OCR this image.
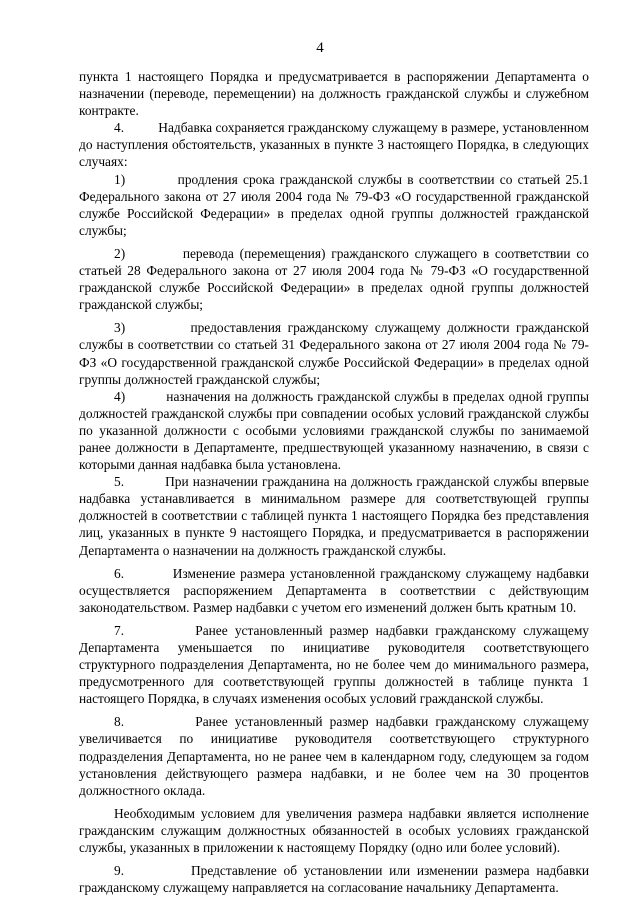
4

пункта 1 настоящего Порядка и предусматривается в распоряжении Департамента о назначении (переводе, перемещении) на должность гражданской службы и служебном контракте.

4.          Надбавка сохраняется гражданскому служащему в размере, установленном до наступления обстоятельств, указанных в пункте 3 настоящего Порядка, в следующих случаях:

1)          продления срока гражданской службы в соответствии со статьей 25.1 Федерального закона от 27 июля 2004 года № 79-ФЗ «О государственной гражданской службе Российской Федерации» в пределах одной группы должностей гражданской службы;

2)          перевода (перемещения) гражданского служащего в соответствии со статьей 28 Федерального закона от 27 июля 2004 года № 79-ФЗ «О государственной гражданской службе Российской Федерации» в пределах одной группы должностей гражданской службы;

3)          предоставления гражданскому служащему должности гражданской службы в соответствии со статьей 31 Федерального закона от 27 июля 2004 года № 79-ФЗ «О государственной гражданской службе Российской Федерации» в пределах одной группы должностей гражданской службы;

4)          назначения на должность гражданской службы в пределах одной группы должностей гражданской службы при совпадении особых условий гражданской службы по указанной должности с особыми условиями гражданской службы по занимаемой ранее должности в Департаменте, предшествующей указанному назначению, в связи с которыми данная надбавка была установлена.

5.          При назначении гражданина на должность гражданской службы впервые надбавка устанавливается в минимальном размере для соответствующей группы должностей в соответствии с таблицей пункта 1 настоящего Порядка без представления лиц, указанных в пункте 9 настоящего Порядка, и предусматривается в распоряжении Департамента о назначении на должность гражданской службы.

6.          Изменение размера установленной гражданскому служащему надбавки осуществляется распоряжением Департамента в соответствии с действующим законодательством. Размер надбавки с учетом его изменений должен быть кратным 10.

7.          Ранее установленный размер надбавки гражданскому служащему Департамента уменьшается по инициативе руководителя соответствующего структурного подразделения Департамента, но не более чем до минимального размера, предусмотренного для соответствующей группы должностей в таблице пункта 1 настоящего Порядка, в случаях изменения особых условий гражданской службы.

8.          Ранее установленный размер надбавки гражданскому служащему увеличивается по инициативе руководителя соответствующего структурного подразделения Департамента, но не ранее чем в календарном году, следующем за годом установления действующего размера надбавки, и не более чем на 30 процентов должностного оклада.

Необходимым условием для увеличения размера надбавки является исполнение гражданским служащим должностных обязанностей в особых условиях гражданской службы, указанных в приложении к настоящему Порядку (одно или более условий).

9.          Представление об установлении или изменении размера надбавки гражданскому служащему направляется на согласование начальнику Департамента.
